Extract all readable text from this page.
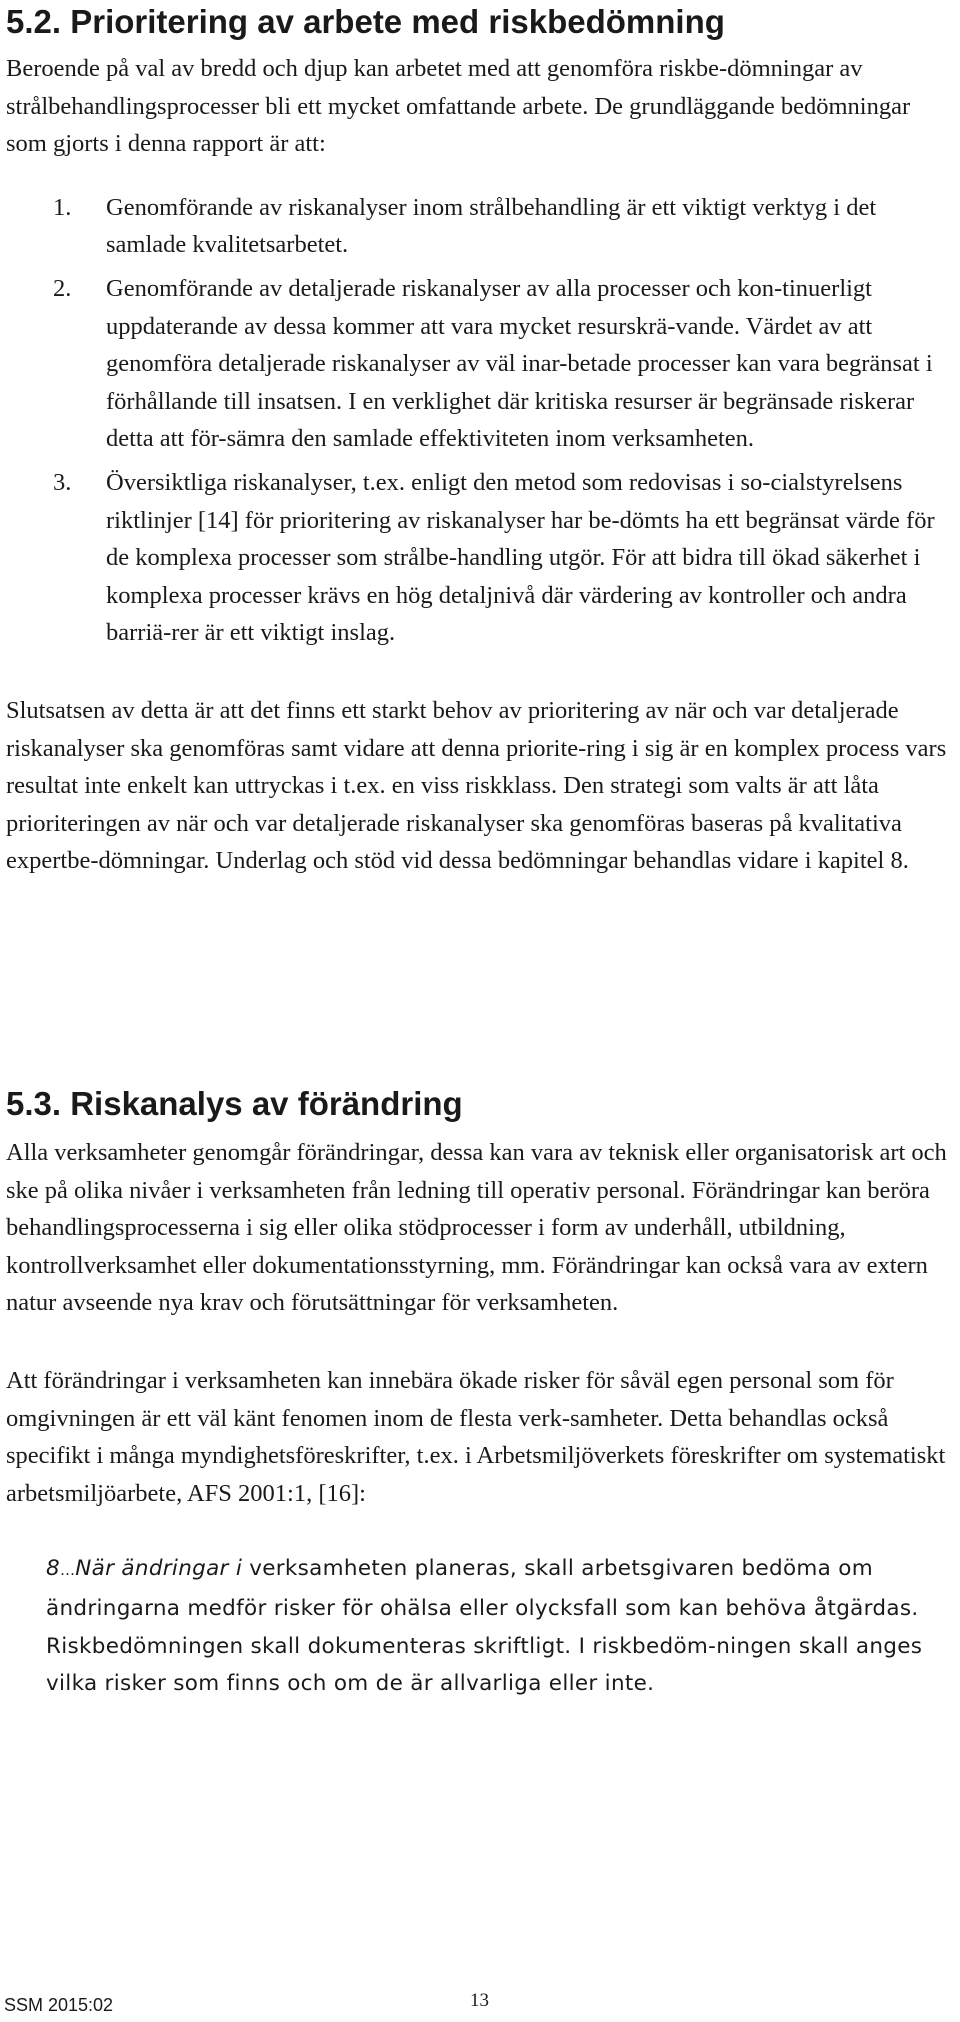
5.2. Prioritering av arbete med riskbedömning

Beroende på val av bredd och djup kan arbetet med att genomföra riskbe-dömningar av strålbehandlingsprocesser bli ett mycket omfattande arbete. De grundläggande bedömningar som gjorts i denna rapport är att:

1. Genomförande av riskanalyser inom strålbehandling är ett viktigt verktyg i det samlade kvalitetsarbetet.
2. Genomförande av detaljerade riskanalyser av alla processer och kon-tinuerligt uppdaterande av dessa kommer att vara mycket resurskrä-vande. Värdet av att genomföra detaljerade riskanalyser av väl inar-betade processer kan vara begränsat i förhållande till insatsen. I en verklighet där kritiska resurser är begränsade riskerar detta att för-sämra den samlade effektiviteten inom verksamheten.
3. Översiktliga riskanalyser, t.ex. enligt den metod som redovisas i so-cialstyrelsens riktlinjer [14] för prioritering av riskanalyser har be-dömts ha ett begränsat värde för de komplexa processer som strålbe-handling utgör. För att bidra till ökad säkerhet i komplexa processer krävs en hög detaljnivå där värdering av kontroller och andra barriä-rer är ett viktigt inslag.

Slutsatsen av detta är att det finns ett starkt behov av prioritering av när och var detaljerade riskanalyser ska genomföras samt vidare att denna priorite-ring i sig är en komplex process vars resultat inte enkelt kan uttryckas i t.ex. en viss riskklass. Den strategi som valts är att låta prioriteringen av när och var detaljerade riskanalyser ska genomföras baseras på kvalitativa expertbe-dömningar. Underlag och stöd vid dessa bedömningar behandlas vidare i kapitel 8.

5.3. Riskanalys av förändring

Alla verksamheter genomgår förändringar, dessa kan vara av teknisk eller organisatorisk art och ske på olika nivåer i verksamheten från ledning till operativ personal. Förändringar kan beröra behandlingsprocesserna i sig eller olika stödprocesser i form av underhåll, utbildning, kontrollverksamhet eller dokumentationsstyrning, mm. Förändringar kan också vara av extern natur avseende nya krav och förutsättningar för verksamheten.

Att förändringar i verksamheten kan innebära ökade risker för såväl egen personal som för omgivningen är ett väl känt fenomen inom de flesta verk-samheter. Detta behandlas också specifikt i många myndighetsföreskrifter, t.ex. i Arbetsmiljöverkets föreskrifter om systematiskt arbetsmiljöarbete, AFS 2001:1, [16]:

8…När ändringar i verksamheten planeras, skall arbetsgivaren bedöma om ändringarna medför risker för ohälsa eller olycksfall som kan behöva åtgärdas. Riskbedömningen skall dokumenteras skriftligt. I riskbedöm-ningen skall anges vilka risker som finns och om de är allvarliga eller inte.

SSM 2015:02	13
